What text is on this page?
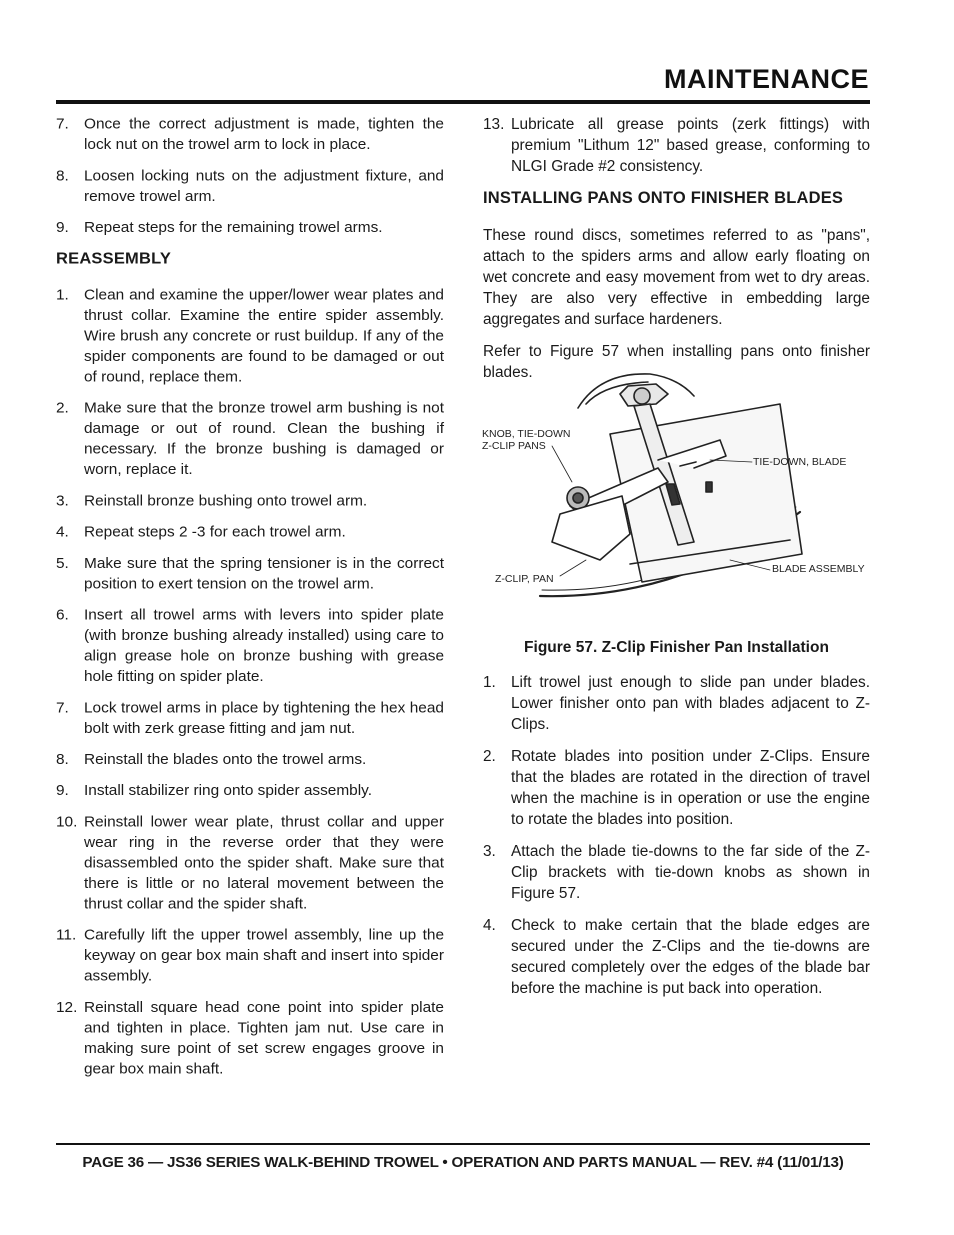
MAINTENANCE
7. Once the correct adjustment is made, tighten the lock nut on the trowel arm to lock in place.
8. Loosen locking nuts on the adjustment fixture, and remove trowel arm.
9. Repeat steps for the remaining trowel arms.
REASSEMBLY
1. Clean and examine the upper/lower wear plates and thrust collar. Examine the entire spider assembly. Wire brush any concrete or rust buildup. If any of the spider components are found to be damaged or out of round, replace them.
2. Make sure that the bronze trowel arm bushing is not damage or out of round. Clean the bushing if necessary. If the bronze bushing is damaged or worn, replace it.
3. Reinstall bronze bushing onto trowel arm.
4. Repeat steps 2 -3 for each trowel arm.
5. Make sure that the spring tensioner is in the correct position to exert tension on the trowel arm.
6. Insert all trowel arms with levers into spider plate (with bronze bushing already installed) using care to align grease hole on bronze bushing with grease hole fitting on spider plate.
7. Lock trowel arms in place by tightening the hex head bolt with zerk grease fitting and jam nut.
8. Reinstall the blades onto the trowel arms.
9. Install stabilizer ring onto spider assembly.
10. Reinstall lower wear plate, thrust collar and upper wear ring in the reverse order that they were disassembled onto the spider shaft. Make sure that there is little or no lateral movement between the thrust collar and the spider shaft.
11. Carefully lift the upper trowel assembly, line up the keyway on gear box main shaft and insert into spider assembly.
12. Reinstall square head cone point into spider plate and tighten in place. Tighten jam nut. Use care in making sure point of set screw engages groove in gear box main shaft.
13. Lubricate all grease points (zerk fittings) with premium "Lithum 12" based grease, conforming to NLGI Grade #2 consistency.
INSTALLING PANS ONTO FINISHER BLADES

These round discs, sometimes referred to as "pans", attach to the spiders arms and allow early floating on wet concrete and easy movement from wet to dry areas. They are also very effective in embedding large aggregates and surface hardeners.

Refer to Figure 57 when installing pans onto finisher blades.

KNOB, TIE-DOWN
Z-CLIP PANS
TIE-DOWN, BLADE
BLADE ASSEMBLY
Z-CLIP, PAN
Figure 57. Z-Clip Finisher Pan Installation
1. Lift trowel just enough to slide pan under blades. Lower finisher onto pan with blades adjacent to Z-Clips.
2. Rotate blades into position under Z-Clips. Ensure that the blades are rotated in the direction of travel when the machine is in operation or use the engine to rotate the blades into position.
3. Attach the blade tie-downs to the far side of the Z-Clip brackets with tie-down knobs as shown in Figure 57.
4. Check to make certain that the blade edges are secured under the Z-Clips and the tie-downs are secured completely over the edges of the blade bar before the machine is put back into operation.
PAGE 36 — JS36 SERIES WALK-BEHIND TROWEL • OPERATION AND PARTS MANUAL — REV. #4 (11/01/13)
